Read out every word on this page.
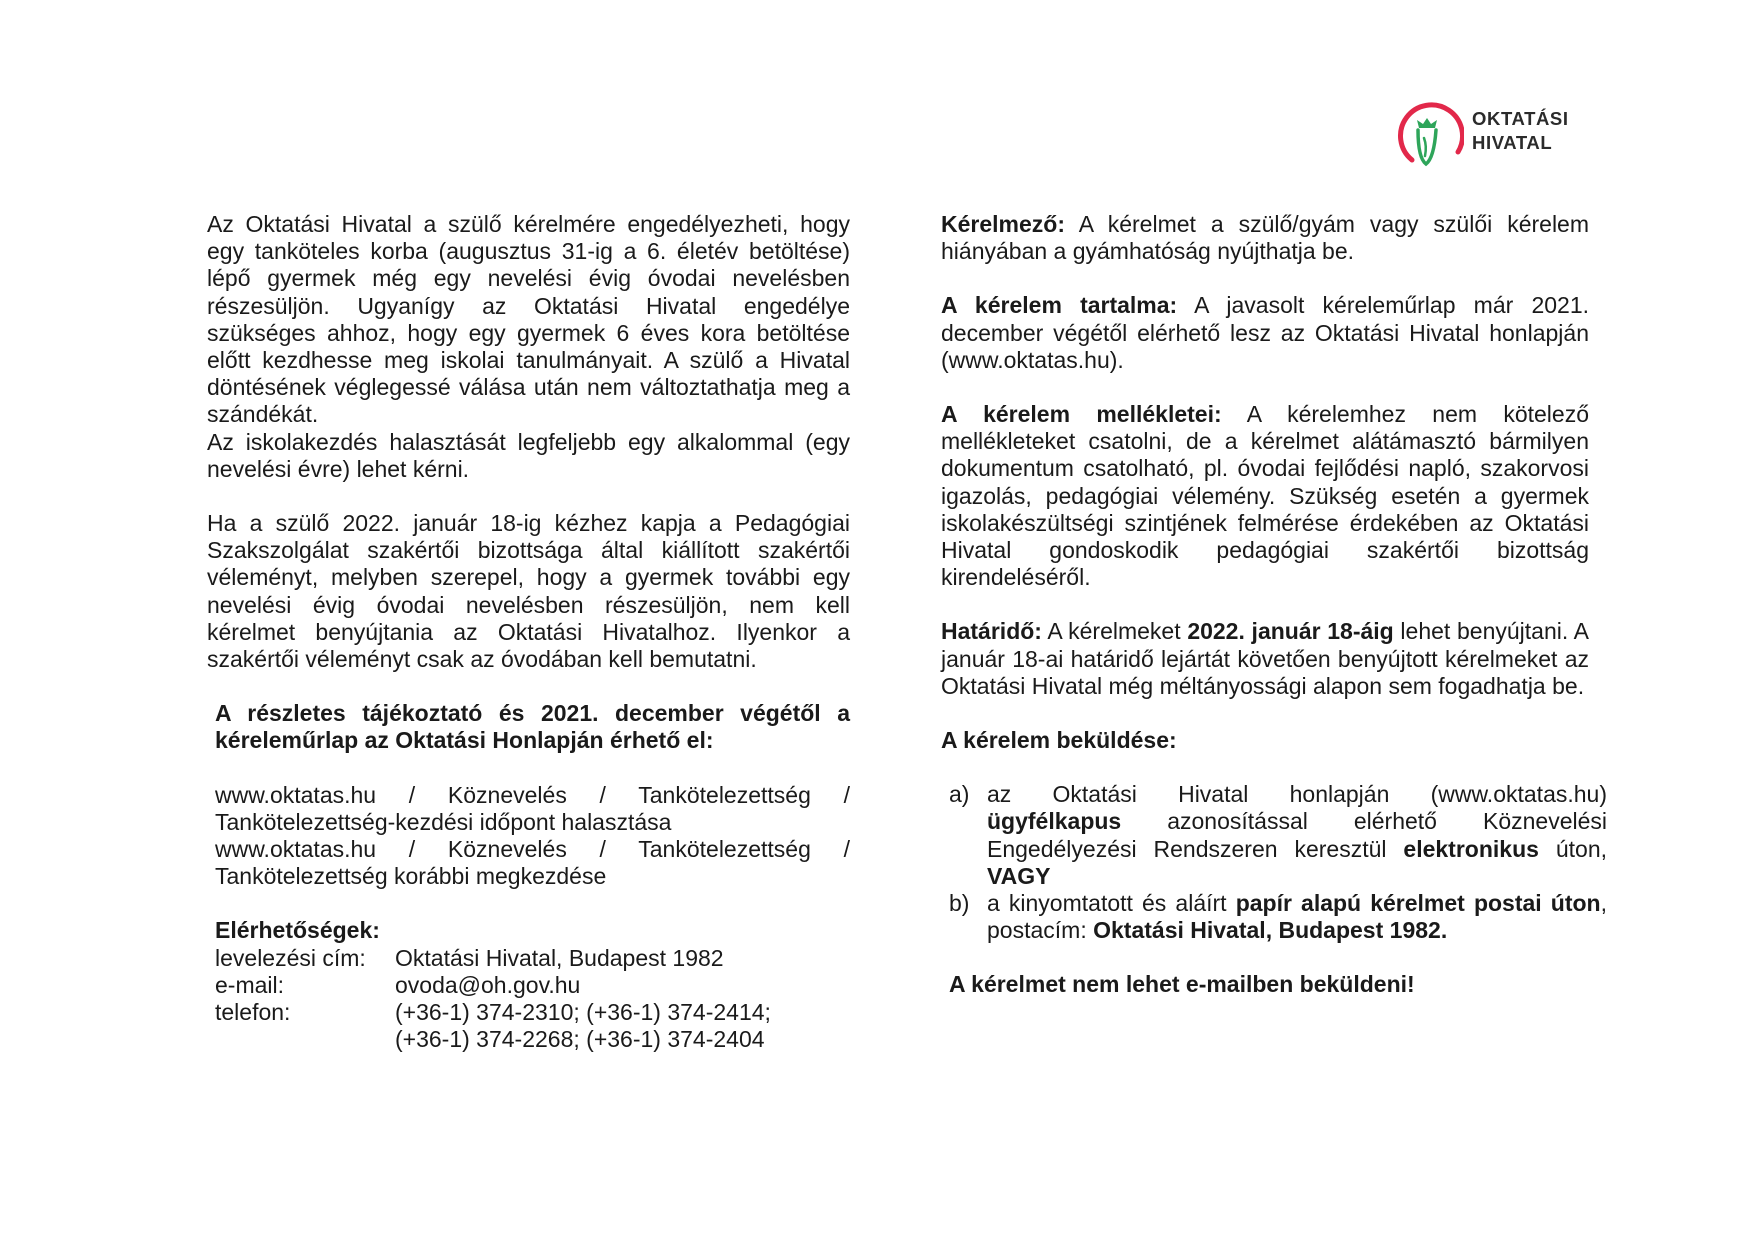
OKTATÁSI
HIVATAL

Az Oktatási Hivatal a szülő kérelmére engedélyezheti, hogy egy tanköteles korba (augusztus 31-ig a 6. életév betöltése) lépő gyermek még egy nevelési évig óvodai nevelésben részesüljön. Ugyanígy az Oktatási Hivatal engedélye szükséges ahhoz, hogy egy gyermek 6 éves kora betöltése előtt kezdhesse meg iskolai tanulmányait. A szülő a Hivatal döntésének véglegessé válása után nem változtathatja meg a szándékát.

Az iskolakezdés halasztását legfeljebb egy alkalommal (egy nevelési évre) lehet kérni.

Ha a szülő 2022. január 18-ig kézhez kapja a Pedagógiai Szakszolgálat szakértői bizottsága által kiállított szakértői véleményt, melyben szerepel, hogy a gyermek további egy nevelési évig óvodai nevelésben részesüljön, nem kell kérelmet benyújtania az Oktatási Hivatalhoz. Ilyenkor a szakértői véleményt csak az óvodában kell bemutatni.

A részletes tájékoztató és 2021. december végétől a kéreleműrlap az Oktatási Honlapján érhető el:

www.oktatas.hu / Köznevelés / Tankötelezettség / Tankötelezettség-kezdési időpont halasztása

www.oktatas.hu / Köznevelés / Tankötelezettség / Tankötelezettség korábbi megkezdése

Elérhetőségek:

levelezési cím:	Oktatási Hivatal, Budapest 1982
e-mail:	ovoda@oh.gov.hu
telefon:	(+36-1) 374-2310; (+36-1) 374-2414;
(+36-1) 374-2268; (+36-1) 374-2404

Kérelmező: A kérelmet a szülő/gyám vagy szülői kérelem hiányában a gyámhatóság nyújthatja be.

A kérelem tartalma: A javasolt kéreleműrlap már 2021. december végétől elérhető lesz az Oktatási Hivatal honlapján (www.oktatas.hu).

A kérelem mellékletei: A kérelemhez nem kötelező mellékleteket csatolni, de a kérelmet alátámasztó bármilyen dokumentum csatolható, pl. óvodai fejlődési napló, szakorvosi igazolás, pedagógiai vélemény. Szükség esetén a gyermek iskolakészültségi szintjének felmérése érdekében az Oktatási Hivatal gondoskodik pedagógiai szakértői bizottság kirendeléséről.

Határidő: A kérelmeket 2022. január 18-áig lehet benyújtani. A január 18-ai határidő lejártát követően benyújtott kérelmeket az Oktatási Hivatal még méltányossági alapon sem fogadhatja be.

A kérelem beküldése:

a) az Oktatási Hivatal honlapján (www.oktatas.hu) ügyfélkapus azonosítással elérhető Köznevelési Engedélyezési Rendszeren keresztül elektronikus úton, VAGY
b) a kinyomtatott és aláírt papír alapú kérelmet postai úton, postacím: Oktatási Hivatal, Budapest 1982.

A kérelmet nem lehet e-mailben beküldeni!
